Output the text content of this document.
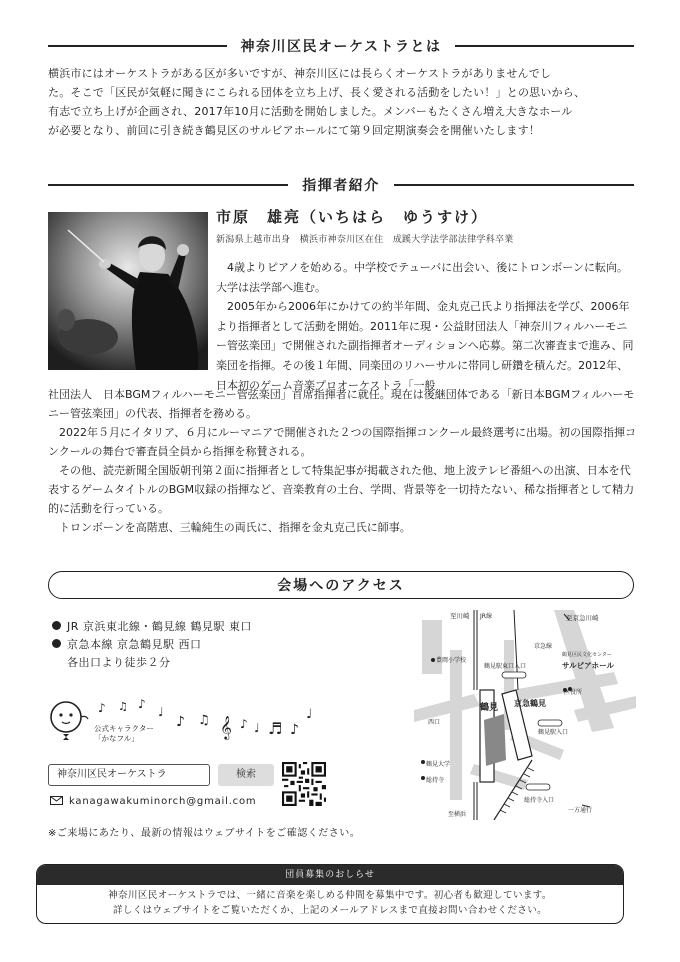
神奈川区民オーケストラとは
横浜市にはオーケストラがある区が多いですが、神奈川区には長らくオーケストラがありませんでし
た。そこで「区民が気軽に聞きにこられる団体を立ち上げ、長く愛される活動をしたい！」との思いから、
有志で立ち上げが企画され、2017年10月に活動を開始しました。メンバーもたくさん増え大きなホール
が必要となり、前回に引き続き鶴見区のサルビアホールにて第９回定期演奏会を開催いたします！
指揮者紹介
市原　雄亮（いちはら　ゆうすけ）
新潟県上越市出身　横浜市神奈川区在住　成蹊大学法学部法律学科卒業

4歳よりピアノを始める。中学校でテューバに出会い、後にトロンボーンに転向。大学は法学部へ進む。

2005年から2006年にかけての約半年間、金丸克己氏より指揮法を学び、2006年より指揮者として活動を開始。2011年に現・公益財団法人「神奈川フィルハーモニー管弦楽団」で開催された副指揮者オーディションへ応募。第二次審査まで進み、同楽団を指揮。その後１年間、同楽団のリハーサルに帯同し研鑽を積んだ。2012年、日本初のゲーム音楽プロオーケストラ「一般

社団法人　日本BGMフィルハーモニー管弦楽団」首席指揮者に就任。現在は後継団体である「新日本BGMフィルハーモニー管弦楽団」の代表、指揮者を務める。

2022年５月にイタリア、６月にルーマニアで開催された２つの国際指揮コンクール最終選考に出場。初の国際指揮コンクールの舞台で審査員全員から指揮を称賛される。

その他、読売新聞全国版朝刊第２面に指揮者として特集記事が掲載された他、地上波テレビ番組への出演、日本を代表するゲームタイトルのBGM収録の指揮など、音楽教育の土台、学問、背景等を一切持たない、稀な指揮者として精力的に活動を行っている。

トロンボーンを高階恵、三輪純生の両氏に、指揮を金丸克己氏に師事。

会場へのアクセス
JR 京浜東北線・鶴見線 鶴見駅 東口
京急本線 京急鶴見駅 西口
各出口より徒歩２分
♪ ♫ ♪
♩
♪ ♫ 𝄞 ♪ ♩ ♬ ♪
♩
公式キャラクター
「かなフル」
神奈川区民オーケストラ	検索
kanagawakuminorch@gmail.com
※ご来場にあたり、最新の情報はウェブサイトをご確認ください。
至川崎 JR線	至京急川崎
京急線
豊岡小学校
鶴見駅東口入口
鶴見区民文化センター
サルビアホール
区役所
西口
鶴見 京急鶴見
鶴見駅入口
鶴見大学
総持寺
総持寺入口
至横浜
一方通行
団員募集のおしらせ
神奈川区民オーケストラでは、一緒に音楽を楽しめる仲間を募集中です。初心者も歓迎しています。
詳しくはウェブサイトをご覧いただくか、上記のメールアドレスまで直接お問い合わせください。
